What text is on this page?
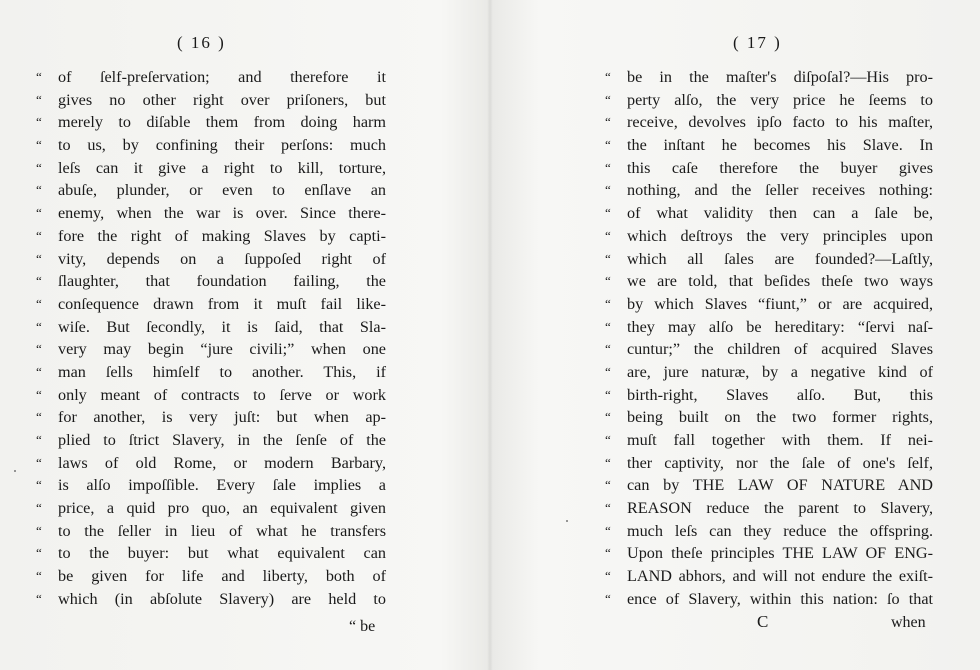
( 16 )
“ of ſelf-preſervation; and therefore it
“ gives no other right over priſoners, but
“ merely to diſable them from doing harm
“ to us, by confining their perſons: much
“ leſs can it give a right to kill, torture,
“ abuſe, plunder, or even to enſlave an
“ enemy, when the war is over. Since there-
“ fore the right of making Slaves by capti-
“ vity, depends on a ſuppoſed right of
“ ſlaughter, that foundation failing, the
“ conſequence drawn from it muſt fail like-
“ wiſe. But ſecondly, it is ſaid, that Sla-
“ very may begin “jure civili;” when one
“ man ſells himſelf to another. This, if
“ only meant of contracts to ſerve or work
“ for another, is very juſt: but when ap-
“ plied to ſtrict Slavery, in the ſenſe of the
“ laws of old Rome, or modern Barbary,
“ is alſo impoſſible. Every ſale implies a
“ price, a quid pro quo, an equivalent given
“ to the ſeller in lieu of what he transfers
“ to the buyer: but what equivalent can
“ be given for life and liberty, both of
“ which (in abſolute Slavery) are held to
“ be
( 17 )
“ be in the maſter's diſpoſal?—His pro-
“ perty alſo, the very price he ſeems to
“ receive, devolves ipſo facto to his maſter,
“ the inſtant he becomes his Slave. In
“ this caſe therefore the buyer gives
“ nothing, and the ſeller receives nothing:
“ of what validity then can a ſale be,
“ which deſtroys the very principles upon
“ which all ſales are founded?—Laſtly,
“ we are told, that beſides theſe two ways
“ by which Slaves “fiunt,” or are acquired,
“ they may alſo be hereditary: “ſervi naſ-
“ cuntur;” the children of acquired Slaves
“ are, jure naturæ, by a negative kind of
“ birth-right, Slaves alſo. But, this
“ being built on the two former rights,
“ muſt fall together with them. If nei-
“ ther captivity, nor the ſale of one's ſelf,
“ can by THE LAW OF NATURE AND
“ REASON reduce the parent to Slavery,
“ much leſs can they reduce the offspring.
“ Upon theſe principles THE LAW OF ENG-
“ LAND abhors, and will not endure the exiſt-
“ ence of Slavery, within this nation: ſo that
C	when
